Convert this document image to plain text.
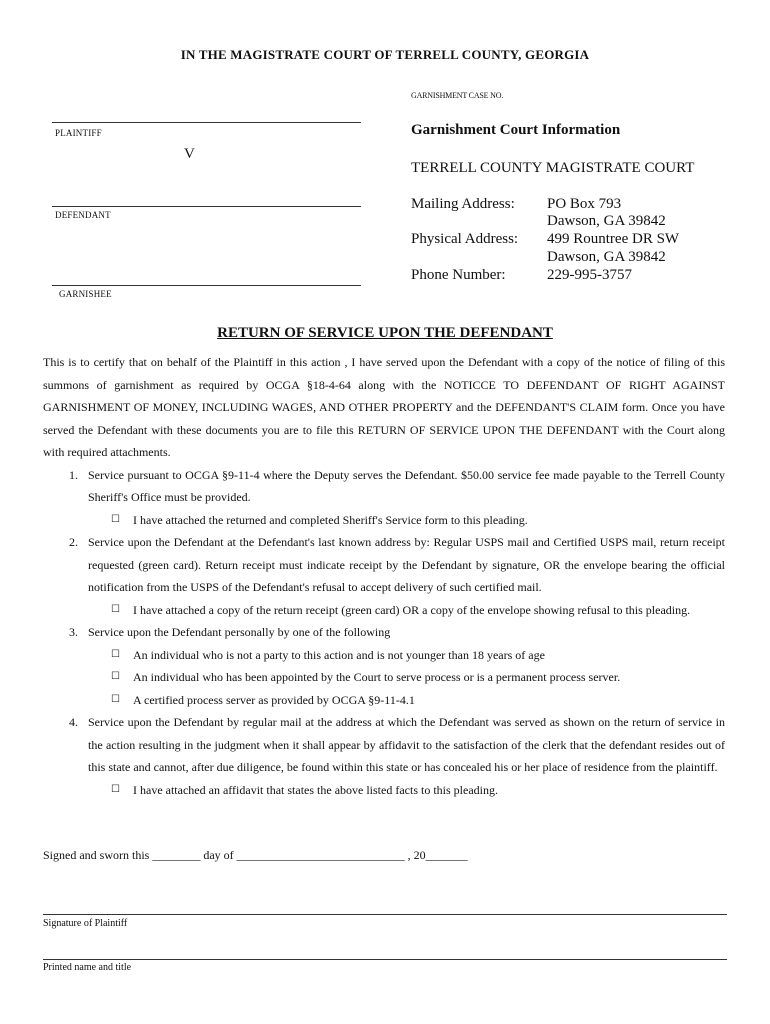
IN THE MAGISTRATE COURT OF TERRELL COUNTY, GEORGIA
GARNISHMENT CASE NO.
PLAINTIFF
V
DEFENDANT
GARNISHEE
Garnishment Court Information
TERRELL COUNTY MAGISTRATE COURT
Mailing Address: PO Box 793
Dawson, GA 39842
Physical Address: 499 Rountree DR SW
Dawson, GA 39842
Phone Number:	229-995-3757
RETURN OF SERVICE UPON THE DEFENDANT

This is to certify that on behalf of the Plaintiff in this action , I have served upon the Defendant with a copy of the notice of filing of this summons of garnishment as required by OCGA §18-4-64 along with the NOTICCE TO DEFENDANT OF RIGHT AGAINST GARNISHMENT OF MONEY, INCLUDING WAGES, AND OTHER PROPERTY and the DEFENDANT'S CLAIM form. Once you have served the Defendant with these documents you are to file this RETURN OF SERVICE UPON THE DEFENDANT with the Court along with required attachments.

1. Service pursuant to OCGA §9-11-4 where the Deputy serves the Defendant. $50.00 service fee made payable to the Terrell County Sheriff's Office must be provided.

☐ I have attached the returned and completed Sheriff's Service form to this pleading.
2. Service upon the Defendant at the Defendant's last known address by: Regular USPS mail and Certified USPS mail, return receipt requested (green card). Return receipt must indicate receipt by the Defendant by signature, OR the envelope bearing the official notification from the USPS of the Defendant's refusal to accept delivery of such certified mail.

☐ I have attached a copy of the return receipt (green card) OR a copy of the envelope showing refusal to this pleading.
3. Service upon the Defendant personally by one of the following

☐ An individual who is not a party to this action and is not younger than 18 years of age
☐ An individual who has been appointed by the Court to serve process or is a permanent process server.
☐ A certified process server as provided by OCGA §9-11-4.1
4. Service upon the Defendant by regular mail at the address at which the Defendant was served as shown on the return of service in the action resulting in the judgment when it shall appear by affidavit to the satisfaction of the clerk that the defendant resides out of this state and cannot, after due diligence, be found within this state or has concealed his or her place of residence from the plaintiff.

☐ I have attached an affidavit that states the above listed facts to this pleading.
Signed and sworn this ________ day of ____________________________ , 20_______
Signature of Plaintiff
Printed name and title
